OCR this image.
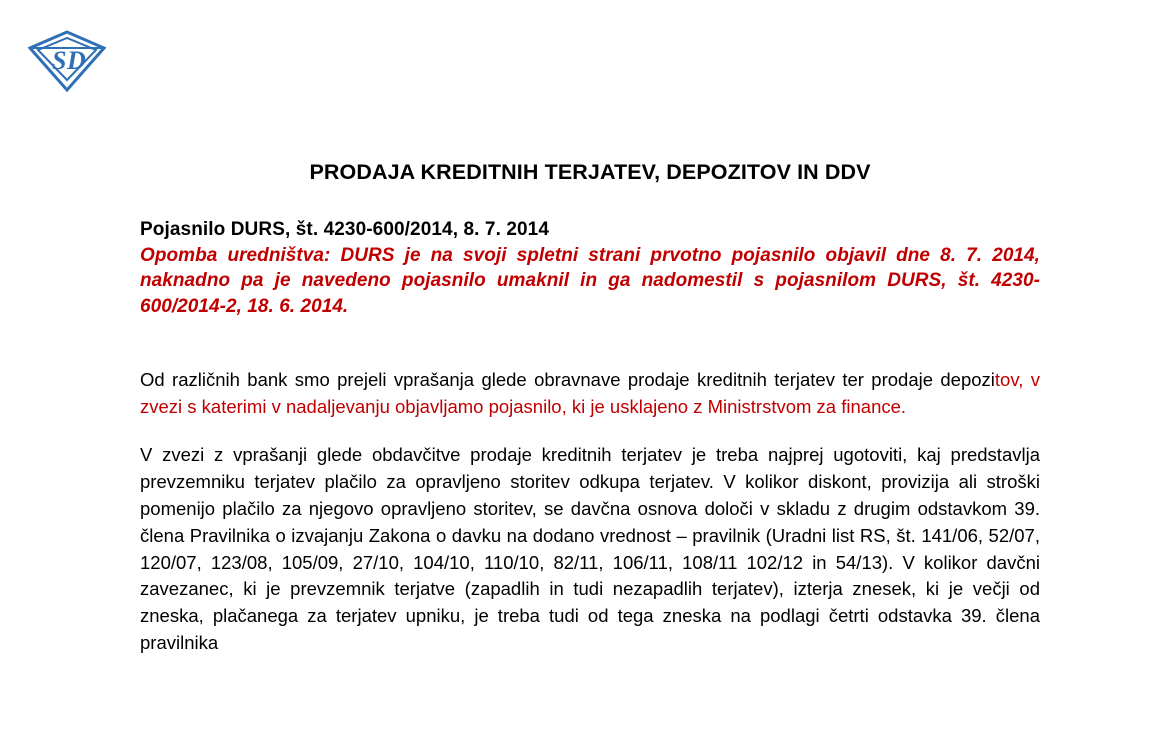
S D
PRODAJA KREDITNIH TERJATEV, DEPOZITOV IN DDV

Pojasnilo DURS, št. 4230-600/2014, 8. 7. 2014

Opomba uredništva: DURS je na svoji spletni strani prvotno pojasnilo objavil dne 8. 7. 2014, naknadno pa je navedeno pojasnilo umaknil in ga nadomestil s pojasnilom DURS, št. 4230-600/2014-2, 18. 6. 2014.

Od različnih bank smo prejeli vprašanja glede obravnave prodaje kreditnih terjatev ter prodaje depozitov, v zvezi s katerimi v nadaljevanju objavljamo pojasnilo, ki je usklajeno z Ministrstvom za finance.

V zvezi z vprašanji glede obdavčitve prodaje kreditnih terjatev je treba najprej ugotoviti, kaj predstavlja prevzemniku terjatev plačilo za opravljeno storitev odkupa terjatev. V kolikor diskont, provizija ali stroški pomenijo plačilo za njegovo opravljeno storitev, se davčna osnova določi v skladu z drugim odstavkom 39. člena Pravilnika o izvajanju Zakona o davku na dodano vrednost – pravilnik (Uradni list RS, št. 141/06, 52/07, 120/07, 123/08, 105/09, 27/10, 104/10, 110/10, 82/11, 106/11, 108/11 102/12 in 54/13). V kolikor davčni zavezanec, ki je prevzemnik terjatve (zapadlih in tudi nezapadlih terjatev), izterja znesek, ki je večji od zneska, plačanega za terjatev upniku, je treba tudi od tega zneska na podlagi četrti odstavka 39. člena pravilnika
